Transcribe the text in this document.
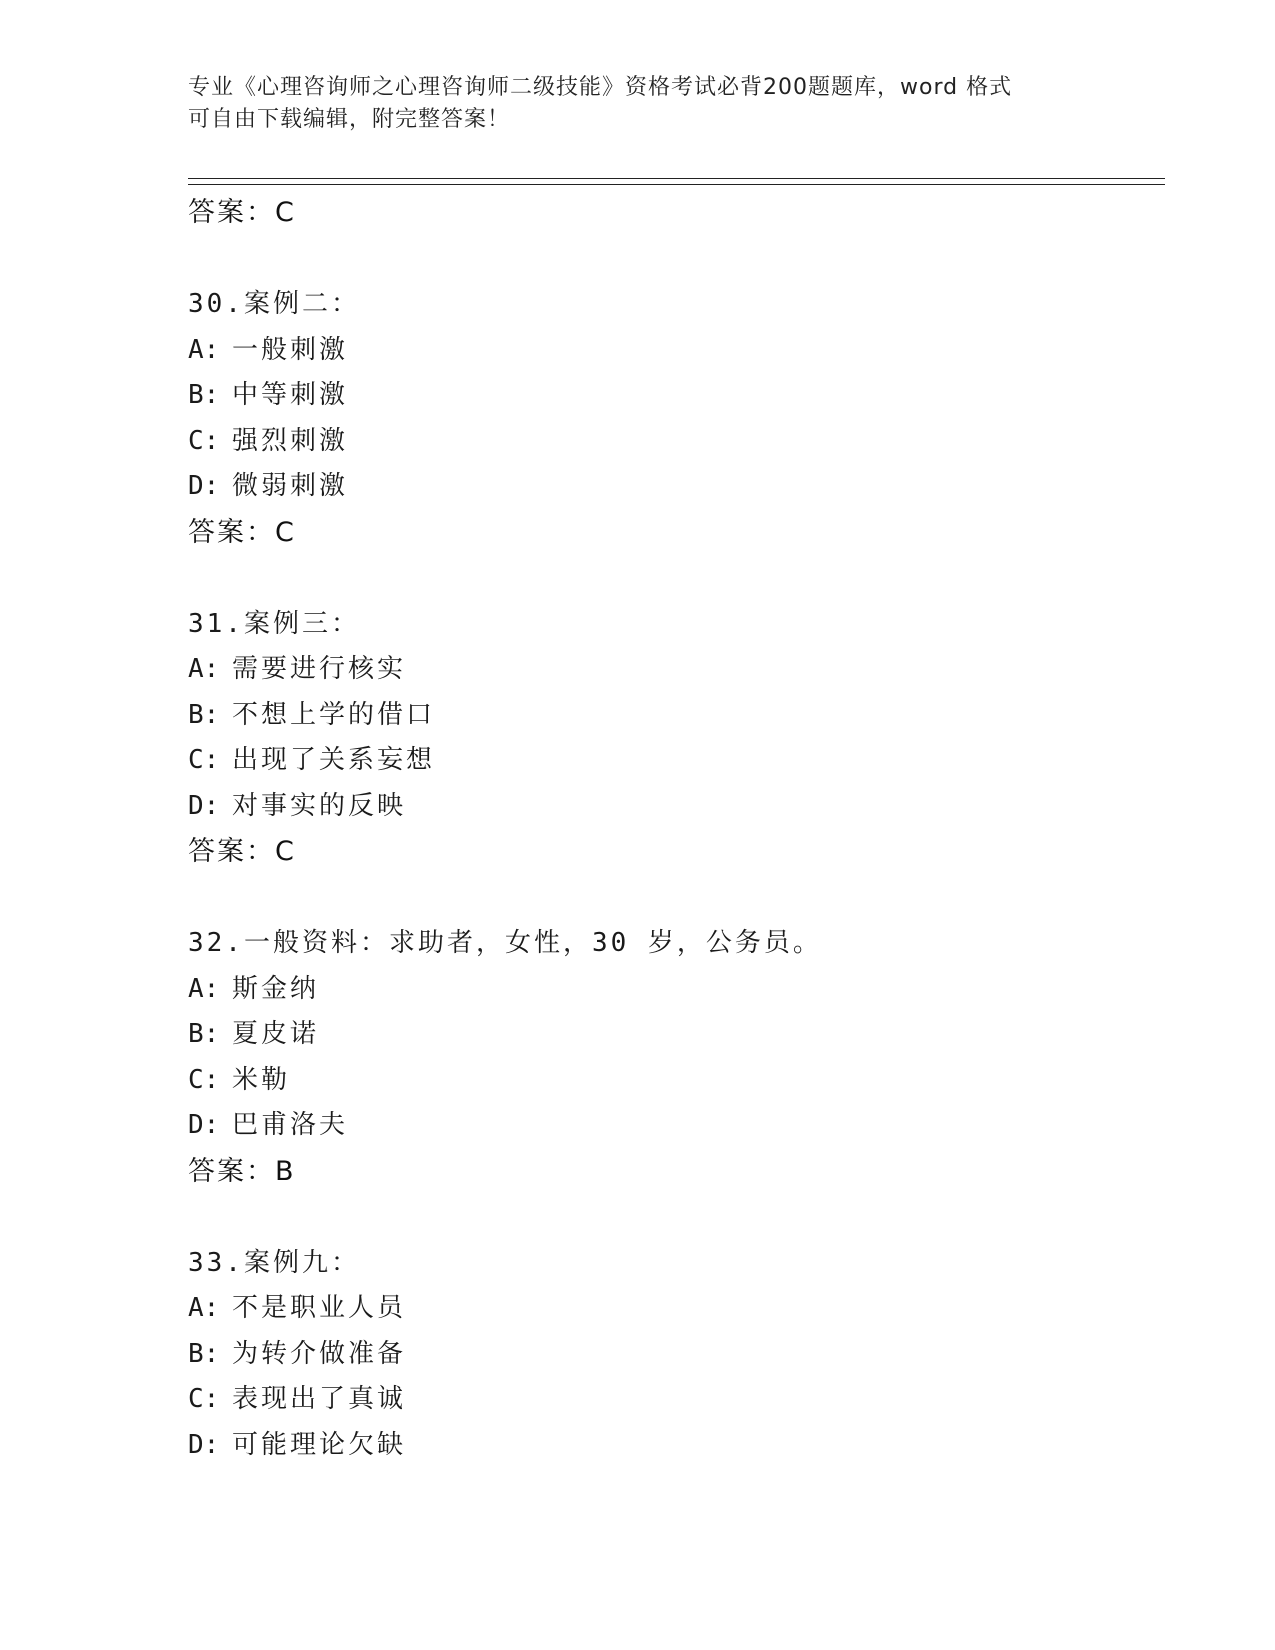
专业《心理咨询师之心理咨询师二级技能》资格考试必背200题题库，word 格式
可自由下载编辑，附完整答案！
答案：C
30.案例二：
A: 一般刺激
B: 中等刺激
C: 强烈刺激
D: 微弱刺激
答案：C
31.案例三：
A: 需要进行核实
B: 不想上学的借口
C: 出现了关系妄想
D: 对事实的反映
答案：C
32.一般资料：求助者，女性，30 岁，公务员。
A: 斯金纳
B: 夏皮诺
C: 米勒
D: 巴甫洛夫
答案：B
33.案例九：
A: 不是职业人员
B: 为转介做准备
C: 表现出了真诚
D: 可能理论欠缺
